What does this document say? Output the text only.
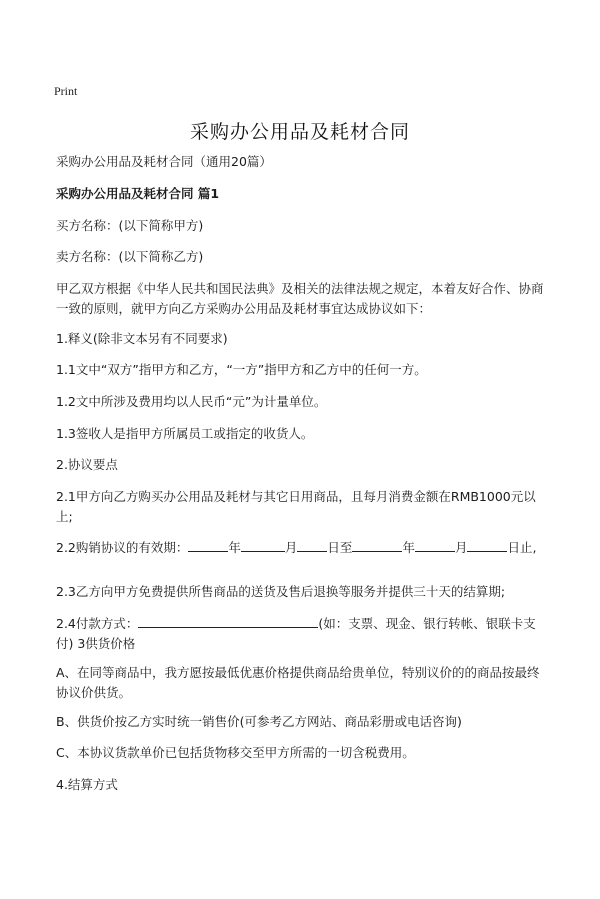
Print
采购办公用品及耗材合同
采购办公用品及耗材合同（通用20篇）
采购办公用品及耗材合同 篇1
买方名称：(以下简称甲方)
卖方名称：(以下简称乙方)
甲乙双方根据《中华人民共和国民法典》及相关的法律法规之规定，本着友好合作、协商一致的原则，就甲方向乙方采购办公用品及耗材事宜达成协议如下：
1.释义(除非文本另有不同要求)
1.1文中“双方”指甲方和乙方，“一方”指甲方和乙方中的任何一方。
1.2文中所涉及费用均以人民币“元”为计量单位。
1.3签收人是指甲方所属员工或指定的收货人。
2.协议要点
2.1甲方向乙方购买办公用品及耗材与其它日用商品，且每月消费金额在RMB1000元以上;
2.2购销协议的有效期：	年	月 日至	年	月	日止,
2.3乙方向甲方免费提供所售商品的送货及售后退换等服务并提供三十天的结算期;
2.4付款方式：	(如：支票、现金、银行转帐、银联卡支付) 3供货价格
A、在同等商品中，我方愿按最低优惠价格提供商品给贵单位，特别议价的的商品按最终协议价供货。
B、供货价按乙方实时统一销售价(可参考乙方网站、商品彩册或电话咨询)
C、本协议货款单价已包括货物移交至甲方所需的一切含税费用。
4.结算方式
